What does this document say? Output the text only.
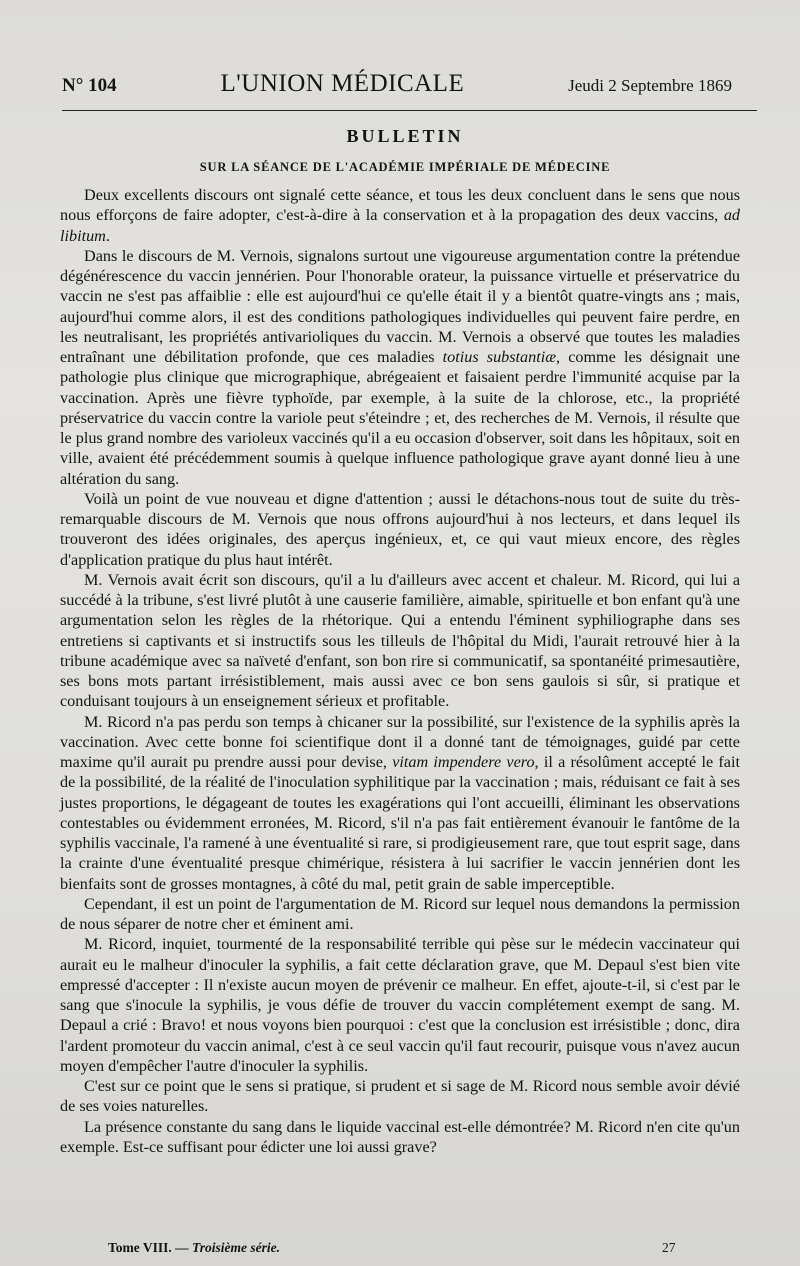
N° 104	L'UNION MÉDICALE	Jeudi 2 Septembre 1869
BULLETIN
SUR LA SÉANCE DE L'ACADÉMIE IMPÉRIALE DE MÉDECINE

Deux excellents discours ont signalé cette séance, et tous les deux concluent dans le sens que nous nous efforçons de faire adopter, c'est-à-dire à la conservation et à la propagation des deux vaccins, ad libitum.

Dans le discours de M. Vernois, signalons surtout une vigoureuse argumentation contre la prétendue dégénérescence du vaccin jennérien. Pour l'honorable orateur, la puissance virtuelle et préservatrice du vaccin ne s'est pas affaiblie : elle est aujourd'hui ce qu'elle était il y a bientôt quatre-vingts ans ; mais, aujourd'hui comme alors, il est des conditions pathologiques individuelles qui peuvent faire perdre, en les neutralisant, les propriétés antivarioliques du vaccin. M. Vernois a observé que toutes les maladies entraînant une débilitation profonde, que ces maladies totius substantiæ, comme les désignait une pathologie plus clinique que micrographique, abrégeaient et faisaient perdre l'immunité acquise par la vaccination. Après une fièvre typhoïde, par exemple, à la suite de la chlorose, etc., la propriété préservatrice du vaccin contre la variole peut s'éteindre ; et, des recherches de M. Vernois, il résulte que le plus grand nombre des varioleux vaccinés qu'il a eu occasion d'observer, soit dans les hôpitaux, soit en ville, avaient été précédemment soumis à quelque influence pathologique grave ayant donné lieu à une altération du sang.

Voilà un point de vue nouveau et digne d'attention ; aussi le détachons-nous tout de suite du très-remarquable discours de M. Vernois que nous offrons aujourd'hui à nos lecteurs, et dans lequel ils trouveront des idées originales, des aperçus ingénieux, et, ce qui vaut mieux encore, des règles d'application pratique du plus haut intérêt.

M. Vernois avait écrit son discours, qu'il a lu d'ailleurs avec accent et chaleur. M. Ricord, qui lui a succédé à la tribune, s'est livré plutôt à une causerie familière, aimable, spirituelle et bon enfant qu'à une argumentation selon les règles de la rhétorique. Qui a entendu l'éminent syphiliographe dans ses entretiens si captivants et si instructifs sous les tilleuls de l'hôpital du Midi, l'aurait retrouvé hier à la tribune académique avec sa naïveté d'enfant, son bon rire si communicatif, sa spontanéité primesautière, ses bons mots partant irrésistiblement, mais aussi avec ce bon sens gaulois si sûr, si pratique et conduisant toujours à un enseignement sérieux et profitable.

M. Ricord n'a pas perdu son temps à chicaner sur la possibilité, sur l'existence de la syphilis après la vaccination. Avec cette bonne foi scientifique dont il a donné tant de témoignages, guidé par cette maxime qu'il aurait pu prendre aussi pour devise, vitam impendere vero, il a résolûment accepté le fait de la possibilité, de la réalité de l'inoculation syphilitique par la vaccination ; mais, réduisant ce fait à ses justes proportions, le dégageant de toutes les exagérations qui l'ont accueilli, éliminant les observations contestables ou évidemment erronées, M. Ricord, s'il n'a pas fait entièrement évanouir le fantôme de la syphilis vaccinale, l'a ramené à une éventualité si rare, si prodigieusement rare, que tout esprit sage, dans la crainte d'une éventualité presque chimérique, résistera à lui sacrifier le vaccin jennérien dont les bienfaits sont de grosses montagnes, à côté du mal, petit grain de sable imperceptible.

Cependant, il est un point de l'argumentation de M. Ricord sur lequel nous demandons la permission de nous séparer de notre cher et éminent ami.

M. Ricord, inquiet, tourmenté de la responsabilité terrible qui pèse sur le médecin vaccinateur qui aurait eu le malheur d'inoculer la syphilis, a fait cette déclaration grave, que M. Depaul s'est bien vite empressé d'accepter : Il n'existe aucun moyen de prévenir ce malheur. En effet, ajoute-t-il, si c'est par le sang que s'inocule la syphilis, je vous défie de trouver du vaccin complétement exempt de sang. M. Depaul a crié : Bravo! et nous voyons bien pourquoi : c'est que la conclusion est irrésistible ; donc, dira l'ardent promoteur du vaccin animal, c'est à ce seul vaccin qu'il faut recourir, puisque vous n'avez aucun moyen d'empêcher l'autre d'inoculer la syphilis.

C'est sur ce point que le sens si pratique, si prudent et si sage de M. Ricord nous semble avoir dévié de ses voies naturelles.

La présence constante du sang dans le liquide vaccinal est-elle démontrée? M. Ricord n'en cite qu'un exemple. Est-ce suffisant pour édicter une loi aussi grave?

Tome VIII. — Troisième série.	27
